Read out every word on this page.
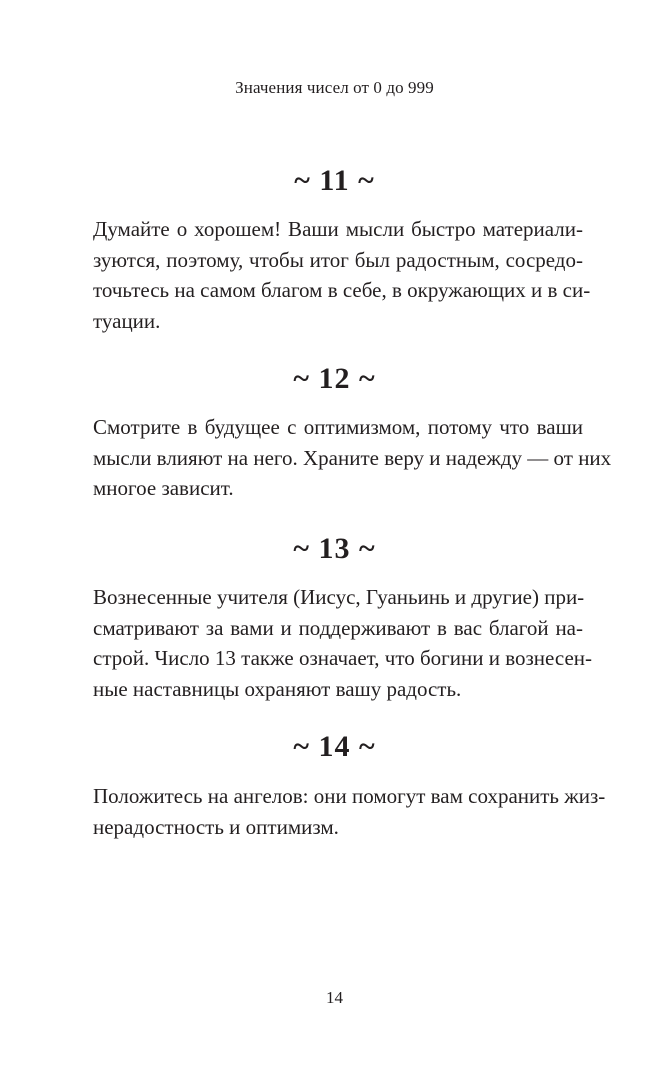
Значения чисел от 0 до 999
~ 11 ~
Думайте о хорошем! Ваши мысли быстро материали-
зуются, поэтому, чтобы итог был радостным, сосредо-
точьтесь на самом благом в себе, в окружающих и в си-
туации.
~ 12 ~
Смотрите в будущее с оптимизмом, потому что ваши
мысли влияют на него. Храните веру и надежду — от них
многое зависит.
~ 13 ~
Вознесенные учителя (Иисус, Гуаньинь и другие) при-
сматривают за вами и поддерживают в вас благой на-
строй. Число 13 также означает, что богини и вознесен-
ные наставницы охраняют вашу радость.
~ 14 ~
Положитесь на ангелов: они помогут вам сохранить жиз-
нерадостность и оптимизм.
14
